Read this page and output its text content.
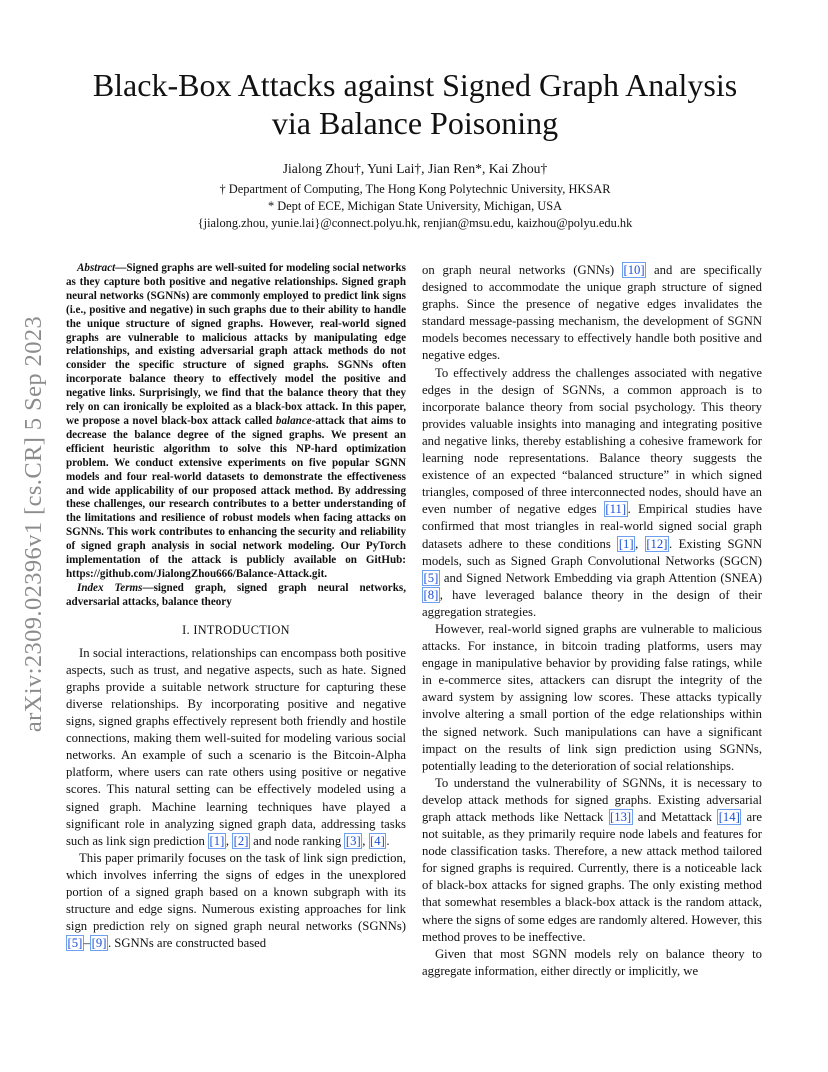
arXiv:2309.02396v1 [cs.CR] 5 Sep 2023
Black-Box Attacks against Signed Graph Analysis
via Balance Poisoning
Jialong Zhou†, Yuni Lai†, Jian Ren*, Kai Zhou†
† Department of Computing, The Hong Kong Polytechnic University, HKSAR
* Dept of ECE, Michigan State University, Michigan, USA
{jialong.zhou, yunie.lai}@connect.polyu.hk, renjian@msu.edu, kaizhou@polyu.edu.hk

Abstract—Signed graphs are well-suited for modeling social networks as they capture both positive and negative relationships. Signed graph neural networks (SGNNs) are commonly employed to predict link signs (i.e., positive and negative) in such graphs due to their ability to handle the unique structure of signed graphs. However, real-world signed graphs are vulnerable to malicious attacks by manipulating edge relationships, and existing adversarial graph attack methods do not consider the specific structure of signed graphs. SGNNs often incorporate balance theory to effectively model the positive and negative links. Surprisingly, we find that the balance theory that they rely on can ironically be exploited as a black-box attack. In this paper, we propose a novel black-box attack called balance-attack that aims to decrease the balance degree of the signed graphs. We present an efficient heuristic algorithm to solve this NP-hard optimization problem. We conduct extensive experiments on five popular SGNN models and four real-world datasets to demonstrate the effectiveness and wide applicability of our proposed attack method. By addressing these challenges, our research contributes to a better understanding of the limitations and resilience of robust models when facing attacks on SGNNs. This work contributes to enhancing the security and reliability of signed graph analysis in social network modeling. Our PyTorch implementation of the attack is publicly available on GitHub: https://github.com/JialongZhou666/Balance-Attack.git.

Index Terms—signed graph, signed graph neural networks, adversarial attacks, balance theory

I. INTRODUCTION

In social interactions, relationships can encompass both positive aspects, such as trust, and negative aspects, such as hate. Signed graphs provide a suitable network structure for capturing these diverse relationships. By incorporating positive and negative signs, signed graphs effectively represent both friendly and hostile connections, making them well-suited for modeling various social networks. An example of such a scenario is the Bitcoin-Alpha platform, where users can rate others using positive or negative scores. This natural setting can be effectively modeled using a signed graph. Machine learning techniques have played a significant role in analyzing signed graph data, addressing tasks such as link sign prediction [1] , [2] and node ranking [3] , [4] .

This paper primarily focuses on the task of link sign prediction, which involves inferring the signs of edges in the unexplored portion of a signed graph based on a known subgraph with its structure and edge signs. Numerous existing approaches for link sign prediction rely on signed graph neural networks (SGNNs) [5] – [9] . SGNNs are constructed based

on graph neural networks (GNNs) [10] and are specifically designed to accommodate the unique graph structure of signed graphs. Since the presence of negative edges invalidates the standard message-passing mechanism, the development of SGNN models becomes necessary to effectively handle both positive and negative edges.

To effectively address the challenges associated with negative edges in the design of SGNNs, a common approach is to incorporate balance theory from social psychology. This theory provides valuable insights into managing and integrating positive and negative links, thereby establishing a cohesive framework for learning node representations. Balance theory suggests the existence of an expected “balanced structure” in which signed triangles, composed of three interconnected nodes, should have an even number of negative edges [11] . Empirical studies have confirmed that most triangles in real-world signed social graph datasets adhere to these conditions [1] , [12] . Existing SGNN models, such as Signed Graph Convolutional Networks (SGCN) [5] and Signed Network Embedding via graph Attention (SNEA) [8] , have leveraged balance theory in the design of their aggregation strategies.

However, real-world signed graphs are vulnerable to malicious attacks. For instance, in bitcoin trading platforms, users may engage in manipulative behavior by providing false ratings, while in e-commerce sites, attackers can disrupt the integrity of the award system by assigning low scores. These attacks typically involve altering a small portion of the edge relationships within the signed network. Such manipulations can have a significant impact on the results of link sign prediction using SGNNs, potentially leading to the deterioration of social relationships.

To understand the vulnerability of SGNNs, it is necessary to develop attack methods for signed graphs. Existing adversarial graph attack methods like Nettack [13] and Metattack [14] are not suitable, as they primarily require node labels and features for node classification tasks. Therefore, a new attack method tailored for signed graphs is required. Currently, there is a noticeable lack of black-box attacks for signed graphs. The only existing method that somewhat resembles a black-box attack is the random attack, where the signs of some edges are randomly altered. However, this method proves to be ineffective.

Given that most SGNN models rely on balance theory to aggregate information, either directly or implicitly, we
